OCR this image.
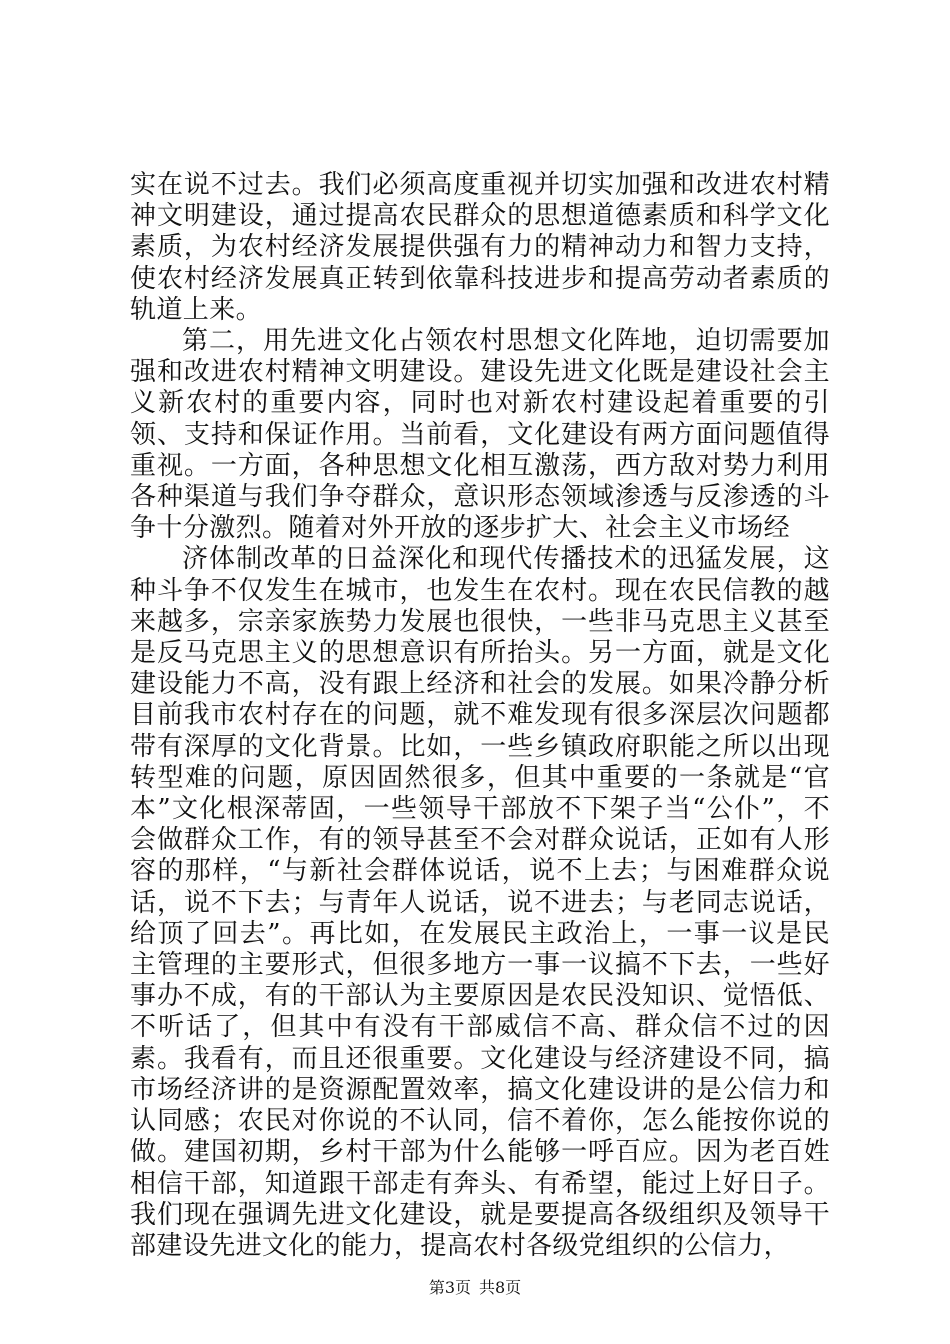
实在说不过去。我们必须高度重视并切实加强和改进农村精神文明建设，通过提高农民群众的思想道德素质和科学文化素质，为农村经济发展提供强有力的精神动力和智力支持，使农村经济发展真正转到依靠科技进步和提高劳动者素质的轨道上来。

第二，用先进文化占领农村思想文化阵地，迫切需要加强和改进农村精神文明建设。建设先进文化既是建设社会主义新农村的重要内容，同时也对新农村建设起着重要的引领、支持和保证作用。当前看，文化建设有两方面问题值得重视。一方面，各种思想文化相互激荡，西方敌对势力利用各种渠道与我们争夺群众，意识形态领域渗透与反渗透的斗争十分激烈。随着对外开放的逐步扩大、社会主义市场经

济体制改革的日益深化和现代传播技术的迅猛发展，这种斗争不仅发生在城市，也发生在农村。现在农民信教的越来越多，宗亲家族势力发展也很快，一些非马克思主义甚至是反马克思主义的思想意识有所抬头。另一方面，就是文化建设能力不高，没有跟上经济和社会的发展。如果冷静分析目前我市农村存在的问题，就不难发现有很多深层次问题都带有深厚的文化背景。比如，一些乡镇政府职能之所以出现转型难的问题，原因固然很多，但其中重要的一条就是“官本”文化根深蒂固，一些领导干部放不下架子当“公仆”，不会做群众工作，有的领导甚至不会对群众说话，正如有人形容的那样，“与新社会群体说话，说不上去；与困难群众说话，说不下去；与青年人说话，说不进去；与老同志说话，给顶了回去”。再比如，在发展民主政治上，一事一议是民主管理的主要形式，但很多地方一事一议搞不下去，一些好事办不成，有的干部认为主要原因是农民没知识、觉悟低、不听话了，但其中有没有干部威信不高、群众信不过的因素。我看有，而且还很重要。文化建设与经济建设不同，搞市场经济讲的是资源配置效率，搞文化建设讲的是公信力和认同感；农民对你说的不认同，信不着你，怎么能按你说的做。建国初期，乡村干部为什么能够一呼百应。因为老百姓相信干部，知道跟干部走有奔头、有希望，能过上好日子。我们现在强调先进文化建设，就是要提高各级组织及领导干部建设先进文化的能力，提高农村各级党组织的公信力，

第3页 共8页
